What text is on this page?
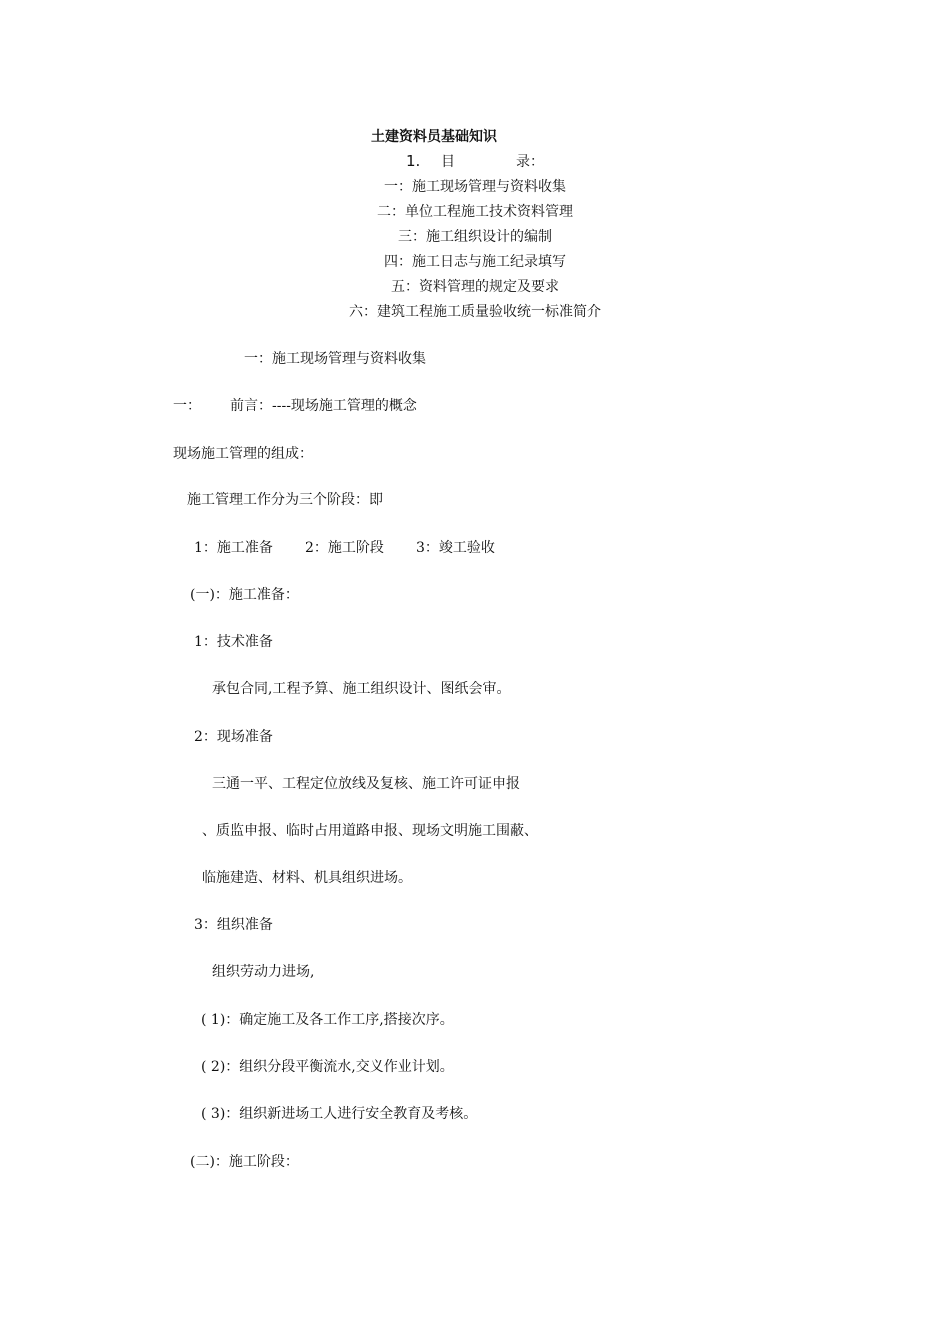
土建资料员基础知识
1. 目	录：
一：施工现场管理与资料收集
二：单位工程施工技术资料管理
三：施工组织设计的编制
四：施工日志与施工纪录填写
五：资料管理的规定及要求
六：建筑工程施工质量验收统一标准简介
一：施工现场管理与资料收集
一： 前言：----现场施工管理的概念
现场施工管理的组成：
施工管理工作分为三个阶段：即
1：施工准备 2：施工阶段 3：竣工验收
(一)：施工准备：
1：技术准备
承包合同,工程予算、施工组织设计、图纸会审。
2：现场准备
三通一平、工程定位放线及复核、施工许可证申报
、质监申报、临时占用道路申报、现场文明施工围蔽、
临施建造、材料、机具组织进场。
3：组织准备
组织劳动力进场,
( 1)：确定施工及各工作工序,搭接次序。
( 2)：组织分段平衡流水,交义作业计划。
( 3)：组织新进场工人进行安全教育及考核。
(二)：施工阶段：
